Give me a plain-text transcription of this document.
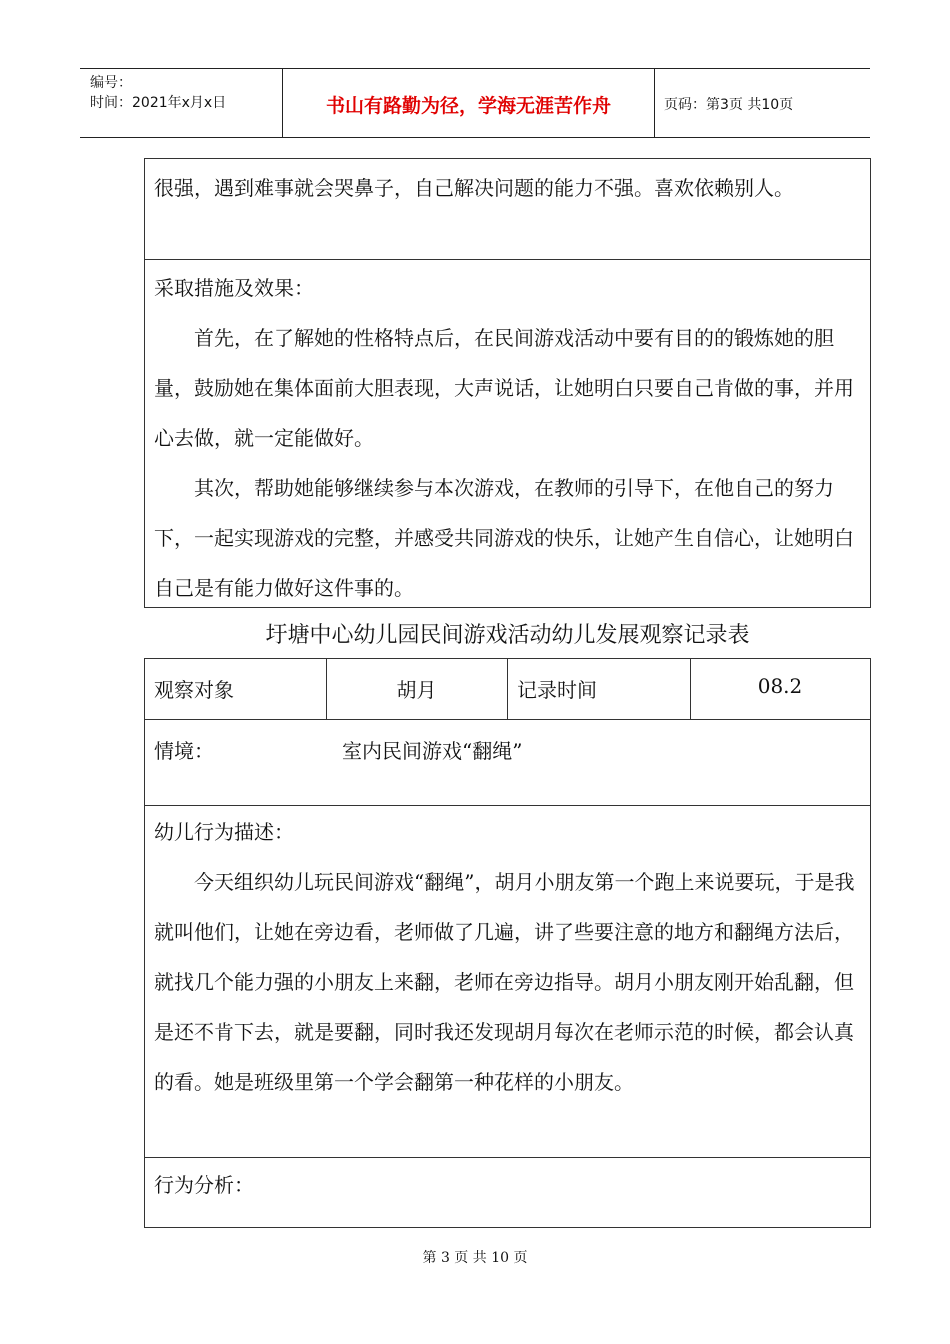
编号：
时间：2021年x月x日	书山有路勤为径，学海无涯苦作舟	页码：第3页 共10页

很强，遇到难事就会哭鼻子，自己解决问题的能力不强。喜欢依赖别人。

采取措施及效果：

首先，在了解她的性格特点后，在民间游戏活动中要有目的的锻炼她的胆量，鼓励她在集体面前大胆表现，大声说话，让她明白只要自己肯做的事，并用心去做，就一定能做好。

其次，帮助她能够继续参与本次游戏，在教师的引导下，在他自己的努力下，一起实现游戏的完整，并感受共同游戏的快乐，让她产生自信心，让她明白自己是有能力做好这件事的。

圩塘中心幼儿园民间游戏活动幼儿发展观察记录表
观察对象	胡月	记录时间	08.2
情境：	室内民间游戏“翻绳”

幼儿行为描述：

今天组织幼儿玩民间游戏“翻绳”，胡月小朋友第一个跑上来说要玩，于是我就叫他们，让她在旁边看，老师做了几遍，讲了些要注意的地方和翻绳方法后，就找几个能力强的小朋友上来翻，老师在旁边指导。胡月小朋友刚开始乱翻，但是还不肯下去，就是要翻，同时我还发现胡月每次在老师示范的时候，都会认真的看。她是班级里第一个学会翻第一种花样的小朋友。

行为分析：
第 3 页 共 10 页
